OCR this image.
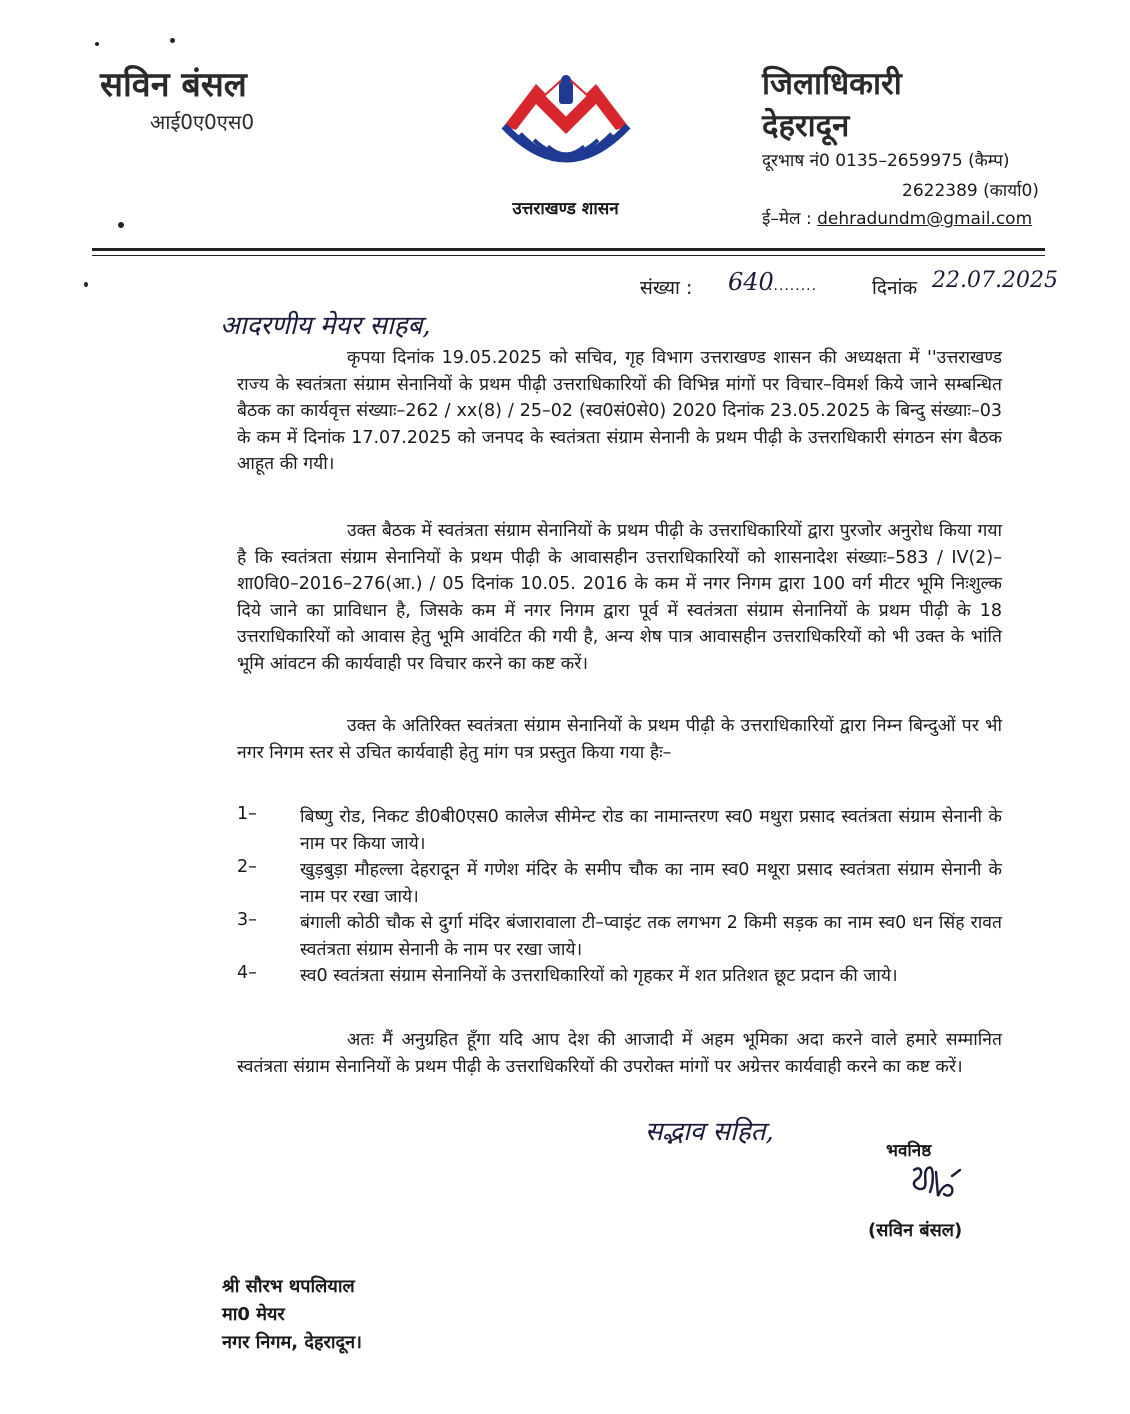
सविन बंसल
आई0ए0एस0
उत्तराखण्ड शासन
जिलाधिकारी
देहरादून
दूरभाष नं0 0135–2659975 (कैम्प)
2622389 (कार्या0)
ई–मेल : dehradundm@gmail.com
संख्या : 640
.........	दिनांक 22.07.2025
आदरणीय मेयर साहब,
कृपया दिनांक 19.05.2025 को सचिव, गृह विभाग उत्तराखण्ड शासन की अध्यक्षता में ''उत्तराखण्ड राज्य के स्वतंत्रता संग्राम सेनानियों के प्रथम पीढ़ी उत्तराधिकारियों की विभिन्न मांगों पर विचार–विमर्श किये जाने सम्बन्धित बैठक का कार्यवृत्त संख्याः–262 / xx(8) / 25–02 (स्व0सं0से0) 2020 दिनांक 23.05.2025 के बिन्दु संख्याः–03 के कम में दिनांक 17.07.2025 को जनपद के स्वतंत्रता संग्राम सेनानी के प्रथम पीढ़ी के उत्तराधिकारी संगठन संग बैठक आहूत की गयी।
उक्त बैठक में स्वतंत्रता संग्राम सेनानियों के प्रथम पीढ़ी के उत्तराधिकारियों द्वारा पुरजोर अनुरोध किया गया है कि स्वतंत्रता संग्राम सेनानियों के प्रथम पीढ़ी के आवासहीन उत्तराधिकारियों को शासनादेश संख्याः–583 / IV(2)–शा0वि0–2016–276(आ.) / 05 दिनांक 10.05. 2016 के कम में नगर निगम द्वारा 100 वर्ग मीटर भूमि निःशुल्क दिये जाने का प्राविधान है, जिसके कम में नगर निगम द्वारा पूर्व में स्वतंत्रता संग्राम सेनानियों के प्रथम पीढ़ी के 18 उत्तराधिकारियों को आवास हेतु भूमि आवंटित की गयी है, अन्य शेष पात्र आवासहीन उत्तराधिकरियों को भी उक्त के भांति भूमि आंवटन की कार्यवाही पर विचार करने का कष्ट करें।
उक्त के अतिरिक्त स्वतंत्रता संग्राम सेनानियों के प्रथम पीढ़ी के उत्तराधिकारियों द्वारा निम्न बिन्दुओं पर भी नगर निगम स्तर से उचित कार्यवाही हेतु मांग पत्र प्रस्तुत किया गया हैः–
1– बिष्णु रोड, निकट डी0बी0एस0 कालेज सीमेन्ट रोड का नामान्तरण स्व0 मथुरा प्रसाद स्वतंत्रता संग्राम सेनानी के नाम पर किया जाये।
2– खुड़बुड़ा मौहल्ला देहरादून में गणेश मंदिर के समीप चौक का नाम स्व0 मथूरा प्रसाद स्वतंत्रता संग्राम सेनानी के नाम पर रखा जाये।
3– बंगाली कोठी चौक से दुर्गा मंदिर बंजारावाला टी–प्वाइंट तक लगभग 2 किमी सड़क का नाम स्व0 धन सिंह रावत स्वतंत्रता संग्राम सेनानी के नाम पर रखा जाये।
4– स्व0 स्वतंत्रता संग्राम सेनानियों के उत्तराधिकारियों को गृहकर में शत प्रतिशत छूट प्रदान की जाये।
अतः मैं अनुग्रहित हूँगा यदि आप देश की आजादी में अहम भूमिका अदा करने वाले हमारे सम्मानित स्वतंत्रता संग्राम सेनानियों के प्रथम पीढ़ी के उत्तराधिकरियों की उपरोक्त मांगों पर अग्रेत्तर कार्यवाही करने का कष्ट करें।
सद्भाव सहित,
भवनिष्ठ
(सविन बंसल)
श्री सौरभ थपलियाल
मा0 मेयर
नगर निगम, देहरादून।
